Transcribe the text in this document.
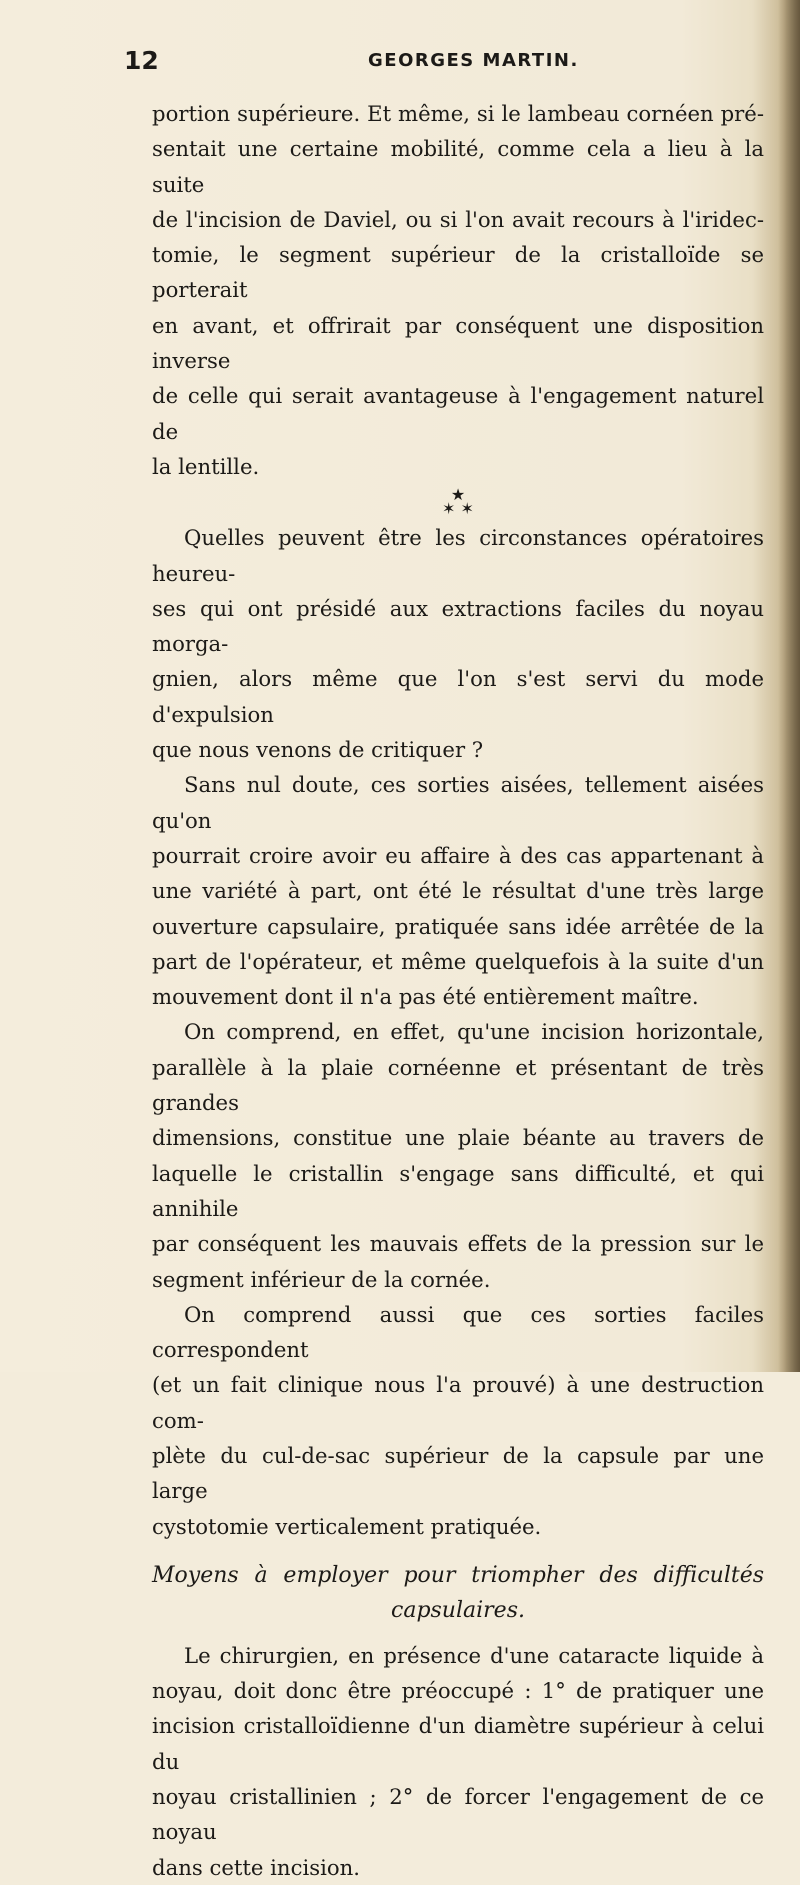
12	GEORGES MARTIN.

portion supérieure. Et même, si le lambeau cornéen pré-

sentait une certaine mobilité, comme cela a lieu à la suite

de l'incision de Daviel, ou si l'on avait recours à l'iridec-

tomie, le segment supérieur de la cristalloïde se porterait

en avant, et offrirait par conséquent une disposition inverse

de celle qui serait avantageuse à l'engagement naturel de

la lentille.

★
✶ ✶

Quelles peuvent être les circonstances opératoires heureu-

ses qui ont présidé aux extractions faciles du noyau morga-

gnien, alors même que l'on s'est servi du mode d'expulsion

que nous venons de critiquer ?

Sans nul doute, ces sorties aisées, tellement aisées qu'on

pourrait croire avoir eu affaire à des cas appartenant à

une variété à part, ont été le résultat d'une très large

ouverture capsulaire, pratiquée sans idée arrêtée de la

part de l'opérateur, et même quelquefois à la suite d'un

mouvement dont il n'a pas été entièrement maître.

On comprend, en effet, qu'une incision horizontale,

parallèle à la plaie cornéenne et présentant de très grandes

dimensions, constitue une plaie béante au travers de

laquelle le cristallin s'engage sans difficulté, et qui annihile

par conséquent les mauvais effets de la pression sur le

segment inférieur de la cornée.

On comprend aussi que ces sorties faciles correspondent

(et un fait clinique nous l'a prouvé) à une destruction com-

plète du cul-de-sac supérieur de la capsule par une large

cystotomie verticalement pratiquée.

Moyens à employer pour triompher des difficultés
capsulaires.

Le chirurgien, en présence d'une cataracte liquide à

noyau, doit donc être préoccupé : 1° de pratiquer une

incision cristalloïdienne d'un diamètre supérieur à celui du

noyau cristallinien ; 2° de forcer l'engagement de ce noyau

dans cette incision.
